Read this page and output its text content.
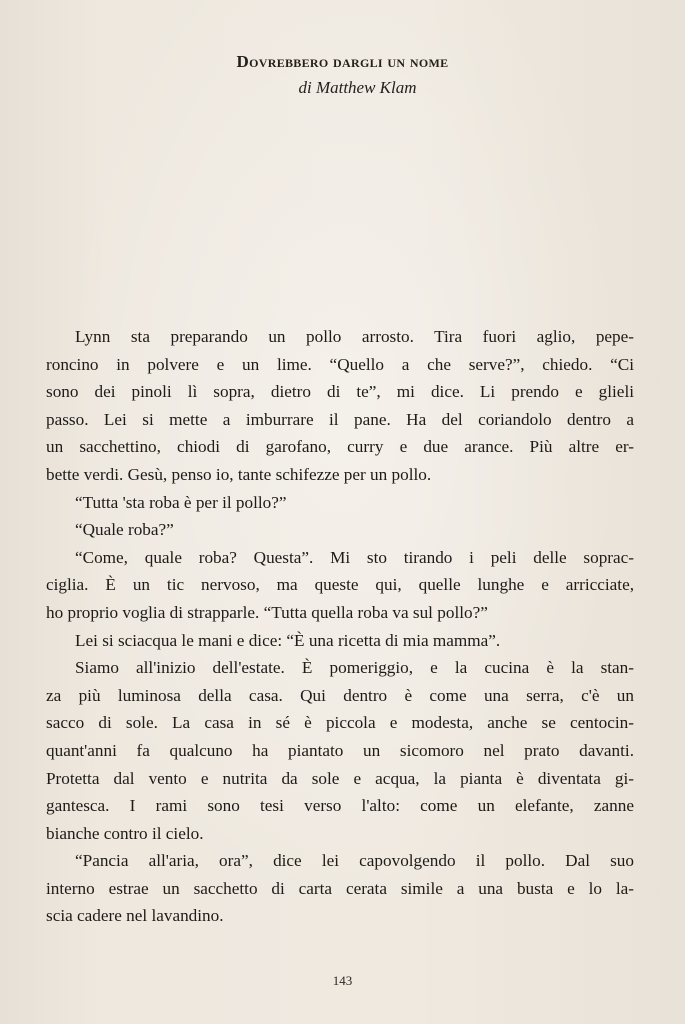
Dovrebbero dargli un nome
di Matthew Klam
Lynn sta preparando un pollo arrosto. Tira fuori aglio, pepe-
roncino in polvere e un lime. “Quello a che serve?”, chiedo. “Ci
sono dei pinoli lì sopra, dietro di te”, mi dice. Li prendo e glieli
passo. Lei si mette a imburrare il pane. Ha del coriandolo dentro a
un sacchettino, chiodi di garofano, curry e due arance. Più altre er-
bette verdi. Gesù, penso io, tante schifezze per un pollo.
“Tutta 'sta roba è per il pollo?”
“Quale roba?”
“Come, quale roba? Questa”. Mi sto tirando i peli delle soprac-
ciglia. È un tic nervoso, ma queste qui, quelle lunghe e arricciate,
ho proprio voglia di strapparle. “Tutta quella roba va sul pollo?”
Lei si sciacqua le mani e dice: “È una ricetta di mia mamma”.
Siamo all'inizio dell'estate. È pomeriggio, e la cucina è la stan-
za più luminosa della casa. Qui dentro è come una serra, c'è un
sacco di sole. La casa in sé è piccola e modesta, anche se centocin-
quant'anni fa qualcuno ha piantato un sicomoro nel prato davanti.
Protetta dal vento e nutrita da sole e acqua, la pianta è diventata gi-
gantesca. I rami sono tesi verso l'alto: come un elefante, zanne
bianche contro il cielo.
“Pancia all'aria, ora”, dice lei capovolgendo il pollo. Dal suo
interno estrae un sacchetto di carta cerata simile a una busta e lo la-
scia cadere nel lavandino.
143
